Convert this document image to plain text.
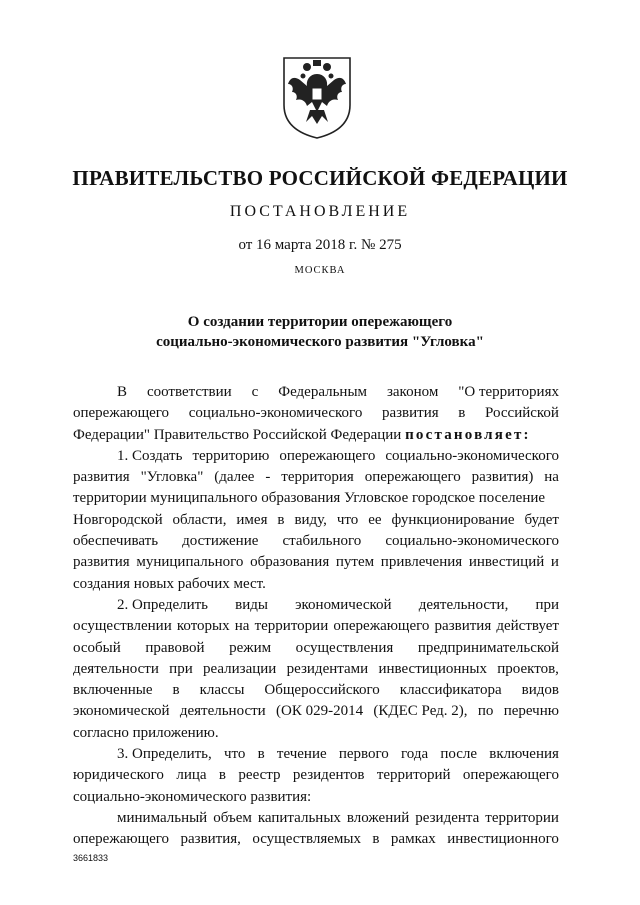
ПРАВИТЕЛЬСТВО РОССИЙСКОЙ ФЕДЕРАЦИИ
ПОСТАНОВЛЕНИЕ
от 16 марта 2018 г. № 275
МОСКВА
О создании территории опережающего
социально-экономического развития "Угловка"
В соответствии с Федеральным законом "О территориях
опережающего социально-экономического развития в Российской
Федерации" Правительство Российской Федерации постановляет:
1. Создать территорию опережающего социально-экономического
развития "Угловка" (далее - территория опережающего развития) на
территории муниципального образования Угловское городское поселение
Новгородской области, имея в виду, что ее функционирование будет
обеспечивать достижение стабильного социально-экономического
развития муниципального образования путем привлечения инвестиций и
создания новых рабочих мест.
2. Определить виды экономической деятельности, при
осуществлении которых на территории опережающего развития действует
особый правовой режим осуществления предпринимательской
деятельности при реализации резидентами инвестиционных проектов,
включенные в классы Общероссийского классификатора видов
экономической деятельности (ОК 029-2014 (КДЕС Ред. 2), по перечню
согласно приложению.
3. Определить, что в течение первого года после включения
юридического лица в реестр резидентов территорий опережающего
социально-экономического развития:
минимальный объем капитальных вложений резидента территории
опережающего развития, осуществляемых в рамках инвестиционного
3661833
